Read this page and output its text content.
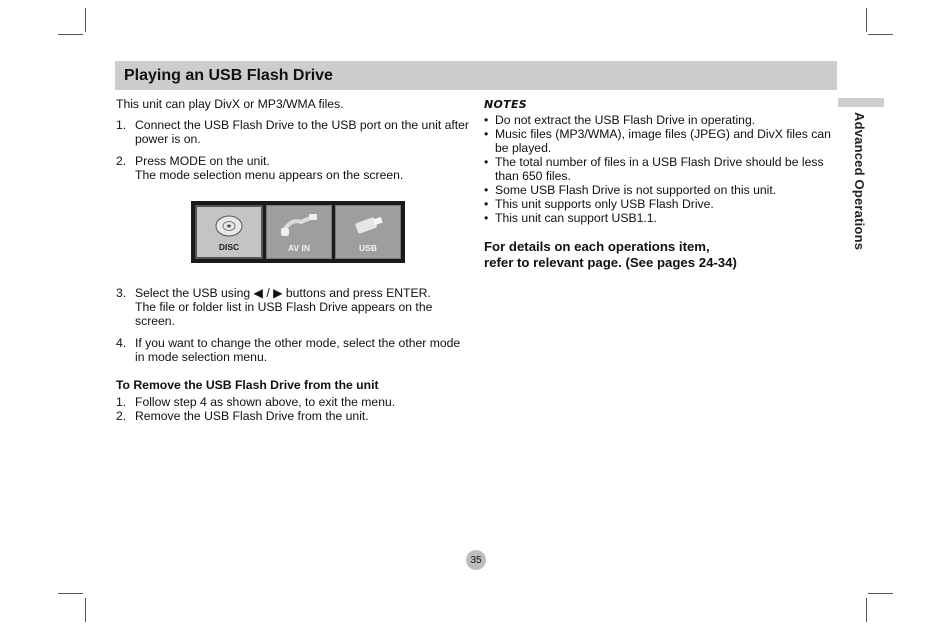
Playing an USB Flash Drive
Advanced Operations
This unit can play DivX or MP3/WMA files.
1. Connect the USB Flash Drive to the USB port on the unit after power is on.
2. Press MODE on the unit.
The mode selection menu appears on the screen.
DISC	AV IN	USB
3. Select the USB using ◀ / ▶ buttons and press ENTER.
The file or folder list in USB Flash Drive appears on the screen.
4. If you want to change the other mode, select the other mode in mode selection menu.
To Remove the USB Flash Drive from the unit
1. Follow step 4 as shown above, to exit the menu.
2. Remove the USB Flash Drive from the unit.
NOTES
• Do not extract the USB Flash Drive in operating.
• Music files (MP3/WMA), image files (JPEG) and DivX files can be played.
• The total number of files in a USB Flash Drive should be less than 650 files.
• Some USB Flash Drive is not supported on this unit.
• This unit supports only USB Flash Drive.
• This unit can support USB1.1.
For details on each operations item,
refer to relevant page. (See pages 24-34)
35
